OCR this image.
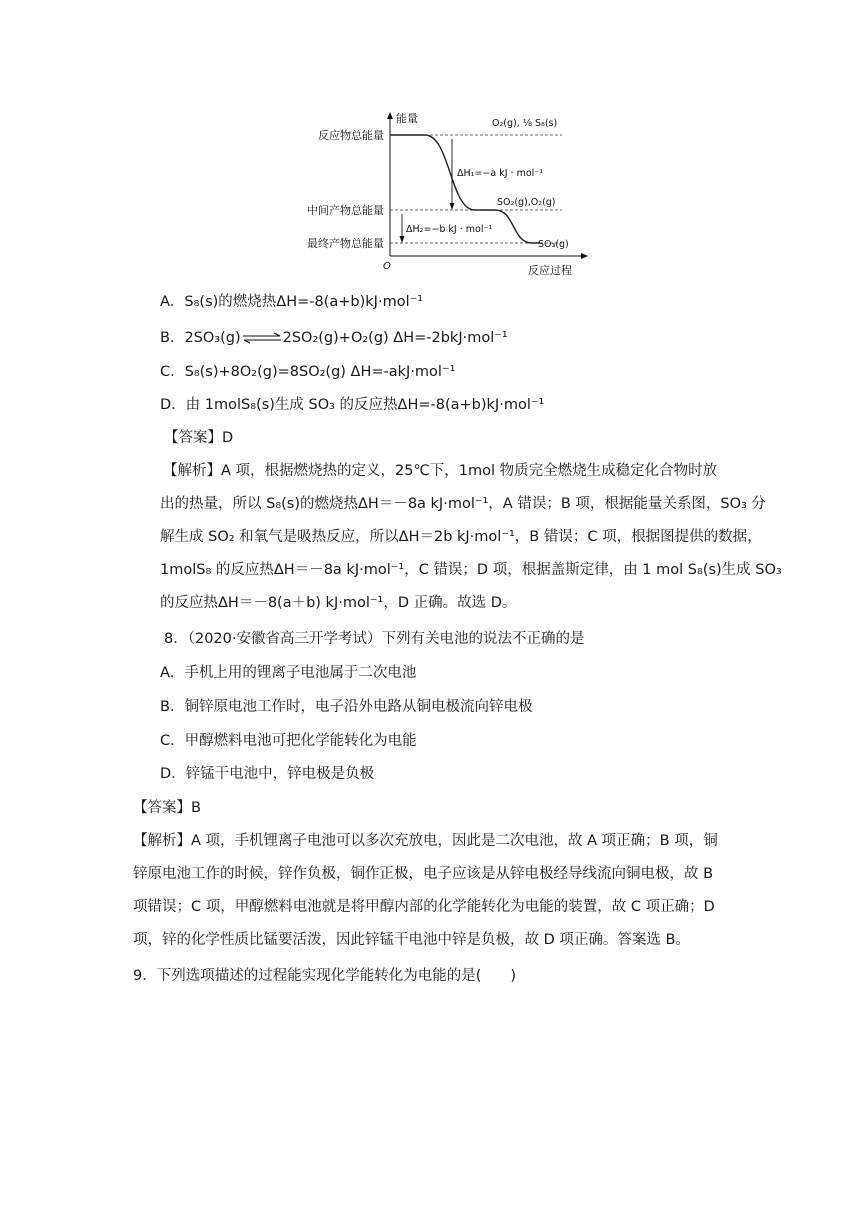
能量
反应过程
O
反应物总能量
中间产物总能量
最终产物总能量
O₂(g), ⅛ S₈(s)
SO₂(g),O₂(g)
SO₃(g)
ΔH₁=−a kJ · mol⁻¹
ΔH₂=−b kJ · mol⁻¹
A．S₈(s)的燃烧热ΔH=-8(a+b)kJ·mol⁻¹
B．2SO₃(g)⇌2SO₂(g)+O₂(g) ΔH=-2bkJ·mol⁻¹
C．S₈(s)+8O₂(g)=8SO₂(g) ΔH=-akJ·mol⁻¹
D．由 1molS₈(s)生成 SO₃ 的反应热ΔH=-8(a+b)kJ·mol⁻¹
【答案】D
【解析】A 项，根据燃烧热的定义，25℃下，1mol 物质完全燃烧生成稳定化合物时放
出的热量，所以 S₈(s)的燃烧热ΔH＝－8a kJ·mol⁻¹，A 错误；B 项，根据能量关系图，SO₃ 分
解生成 SO₂ 和氧气是吸热反应，所以ΔH＝2b kJ·mol⁻¹，B 错误；C 项，根据图提供的数据，
1molS₈ 的反应热ΔH＝－8a kJ·mol⁻¹，C 错误；D 项，根据盖斯定律，由 1 mol S₈(s)生成 SO₃
的反应热ΔH＝－8(a＋b) kJ·mol⁻¹，D 正确。故选 D。
8．（2020·安徽省高三开学考试）下列有关电池的说法不正确的是
A．手机上用的锂离子电池属于二次电池
B．铜锌原电池工作时，电子沿外电路从铜电极流向锌电极
C．甲醇燃料电池可把化学能转化为电能
D．锌锰干电池中，锌电极是负极
【答案】B
【解析】A 项，手机锂离子电池可以多次充放电，因此是二次电池，故 A 项正确；B 项，铜
锌原电池工作的时候，锌作负极，铜作正极，电子应该是从锌电极经导线流向铜电极，故 B
项错误；C 项，甲醇燃料电池就是将甲醇内部的化学能转化为电能的装置，故 C 项正确；D
项，锌的化学性质比锰要活泼，因此锌锰干电池中锌是负极，故 D 项正确。答案选 B。
9．下列选项描述的过程能实现化学能转化为电能的是(　　)
